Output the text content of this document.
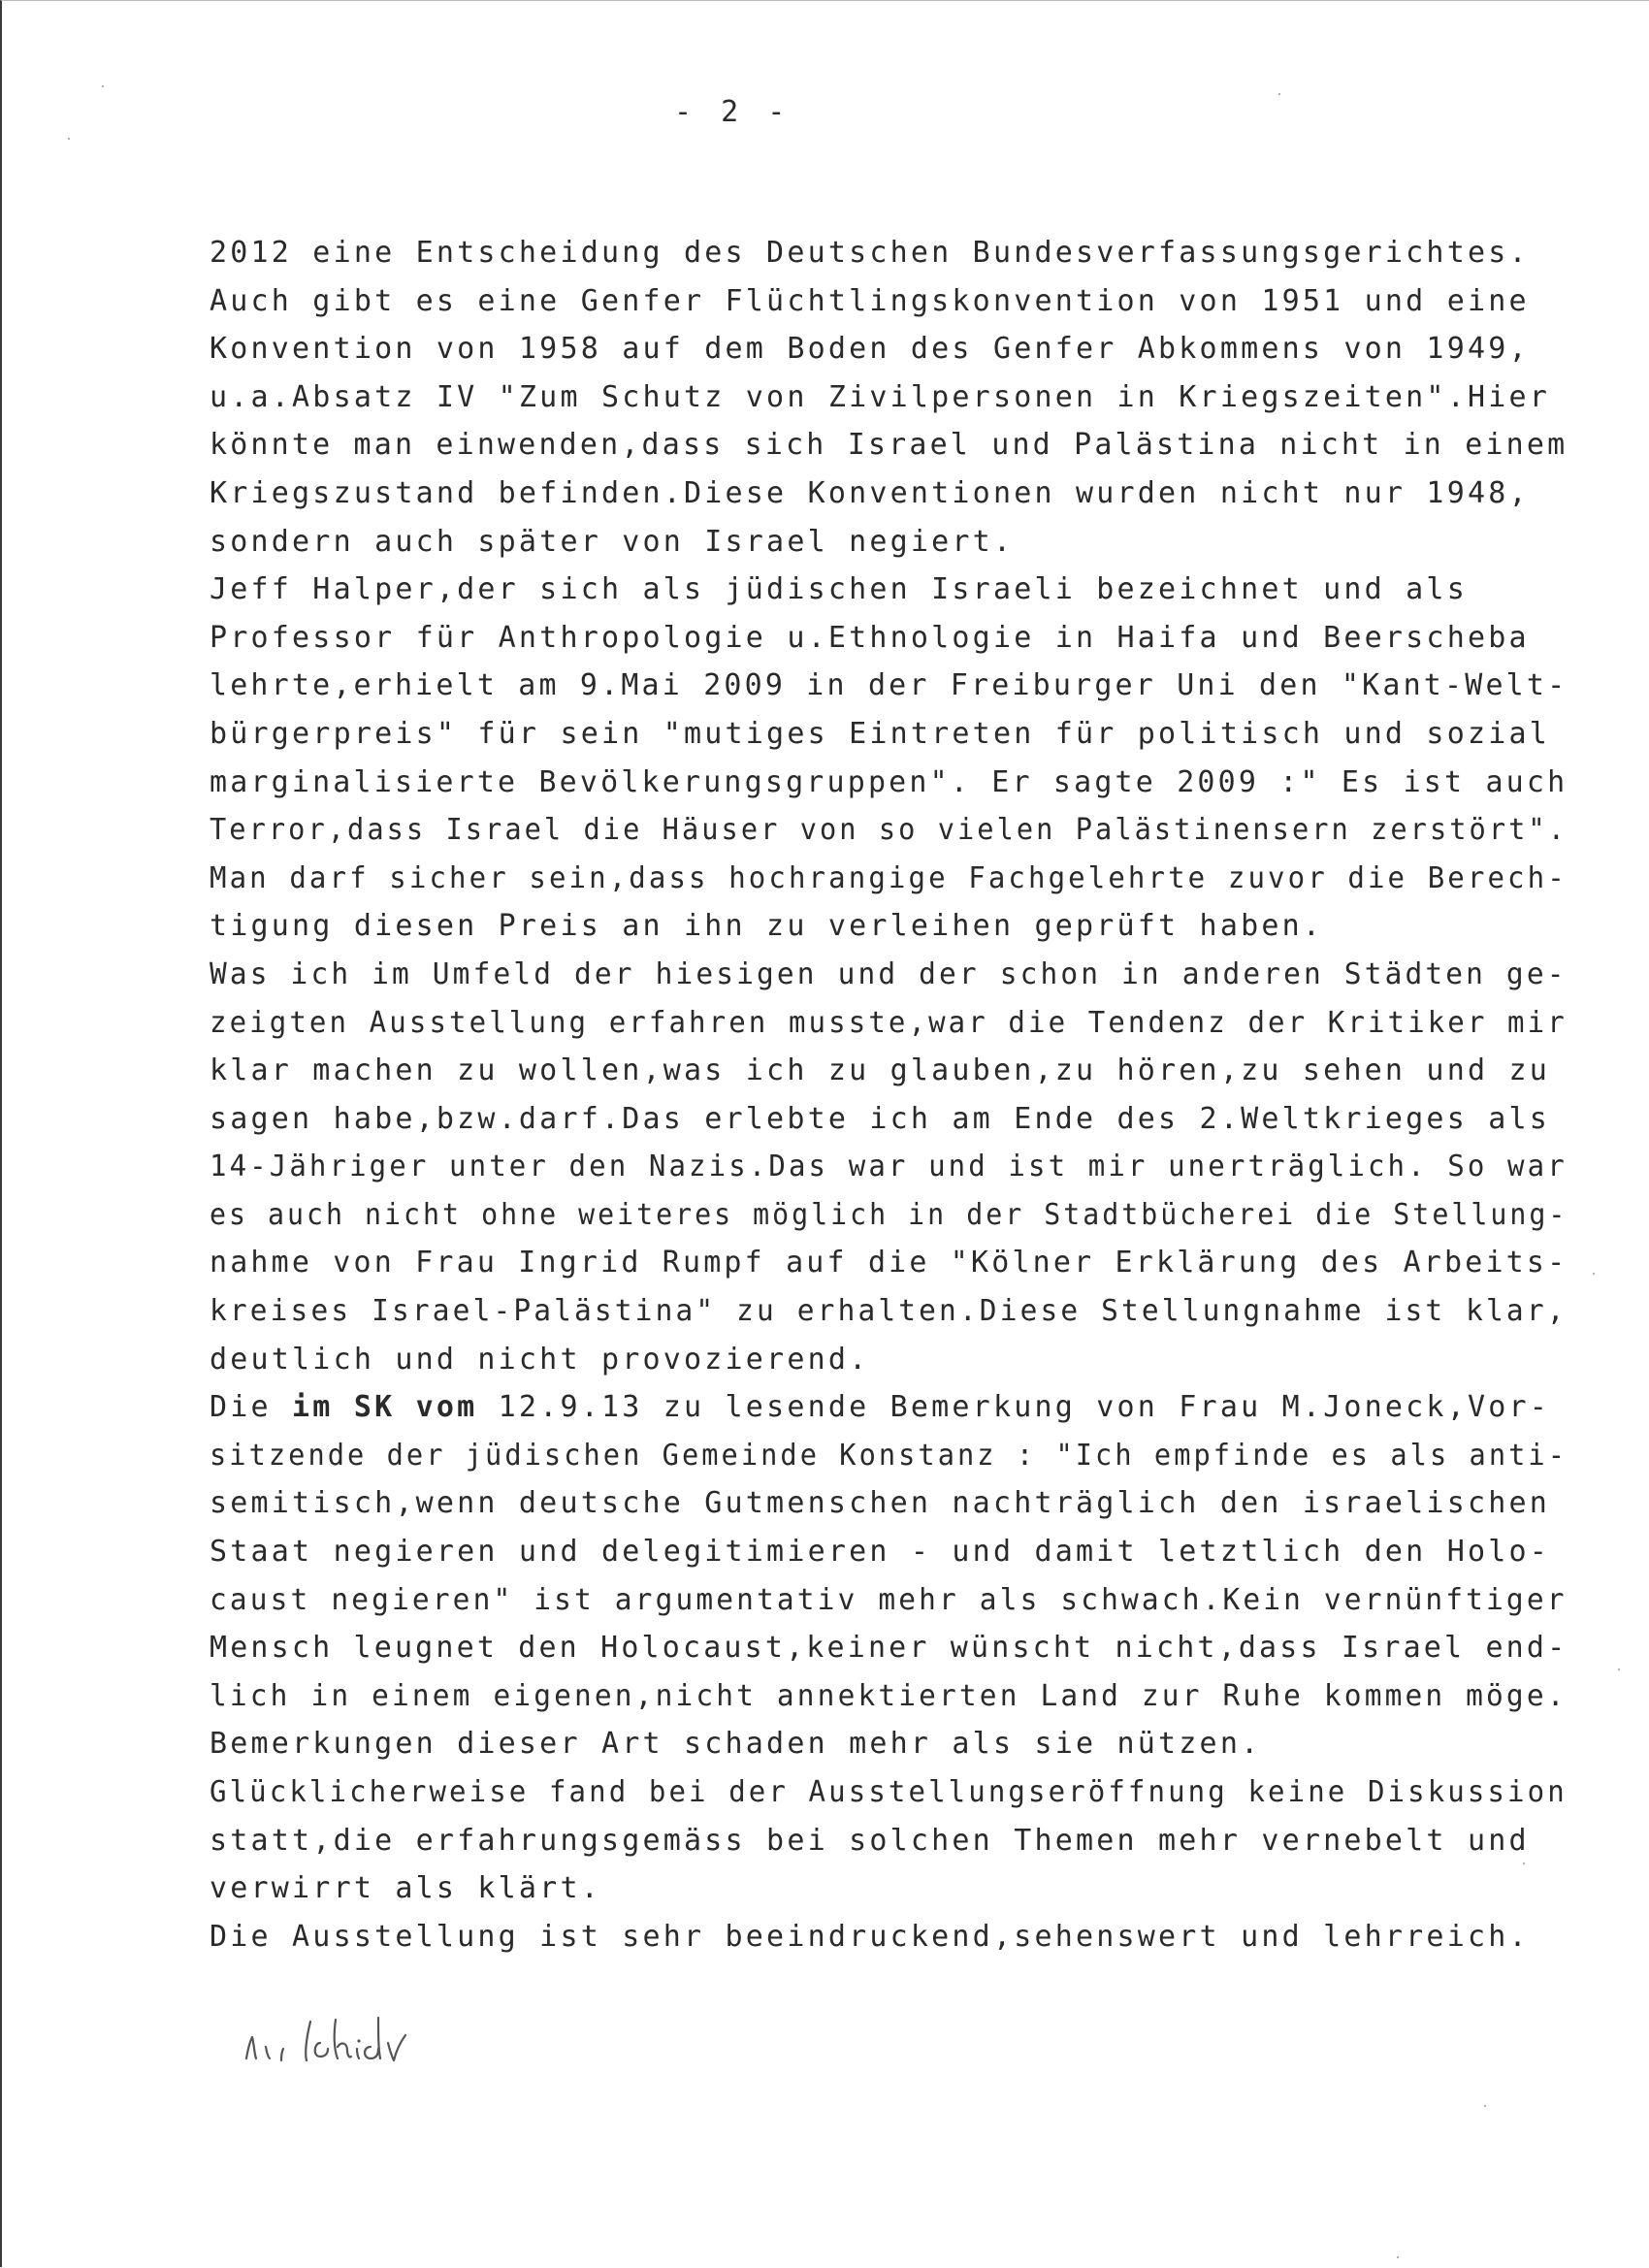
- 2 -
2012 eine Entscheidung des Deutschen Bundesverfassungsgerichtes.
Auch gibt es eine Genfer Flüchtlingskonvention von 1951 und eine
Konvention von 1958 auf dem Boden des Genfer Abkommens von 1949,
u.a.Absatz IV "Zum Schutz von Zivilpersonen in Kriegszeiten".Hier
könnte man einwenden,dass sich Israel und Palästina nicht in einem
Kriegszustand befinden.Diese Konventionen wurden nicht nur 1948,
sondern auch später von Israel negiert.
Jeff Halper,der sich als jüdischen Israeli bezeichnet und als
Professor für Anthropologie u.Ethnologie in Haifa und Beerscheba
lehrte,erhielt am 9.Mai 2009 in der Freiburger Uni den "Kant-Welt-
bürgerpreis" für sein "mutiges Eintreten für politisch und sozial
marginalisierte Bevölkerungsgruppen". Er sagte 2009 :" Es ist auch
Terror,dass Israel die Häuser von so vielen Palästinensern zerstört".
Man darf sicher sein,dass hochrangige Fachgelehrte zuvor die Berech-
tigung diesen Preis an ihn zu verleihen geprüft haben.
Was ich im Umfeld der hiesigen und der schon in anderen Städten ge-
zeigten Ausstellung erfahren musste,war die Tendenz der Kritiker mir
klar machen zu wollen,was ich zu glauben,zu hören,zu sehen und zu
sagen habe,bzw.darf.Das erlebte ich am Ende des 2.Weltkrieges als
14-Jähriger unter den Nazis.Das war und ist mir unerträglich. So war
es auch nicht ohne weiteres möglich in der Stadtbücherei die Stellung-
nahme von Frau Ingrid Rumpf auf die "Kölner Erklärung des Arbeits-
kreises Israel-Palästina" zu erhalten.Diese Stellungnahme ist klar,
deutlich und nicht provozierend.
Die im SK vom 12.9.13 zu lesende Bemerkung von Frau M.Joneck,Vor-
sitzende der jüdischen Gemeinde Konstanz : "Ich empfinde es als anti-
semitisch,wenn deutsche Gutmenschen nachträglich den israelischen
Staat negieren und delegitimieren - und damit letztlich den Holo-
caust negieren" ist argumentativ mehr als schwach.Kein vernünftiger
Mensch leugnet den Holocaust,keiner wünscht nicht,dass Israel end-
lich in einem eigenen,nicht annektierten Land zur Ruhe kommen möge.
Bemerkungen dieser Art schaden mehr als sie nützen.
Glücklicherweise fand bei der Ausstellungseröffnung keine Diskussion
statt,die erfahrungsgemäss bei solchen Themen mehr vernebelt und
verwirrt als klärt.
Die Ausstellung ist sehr beeindruckend,sehenswert und lehrreich.
M. Schieder
